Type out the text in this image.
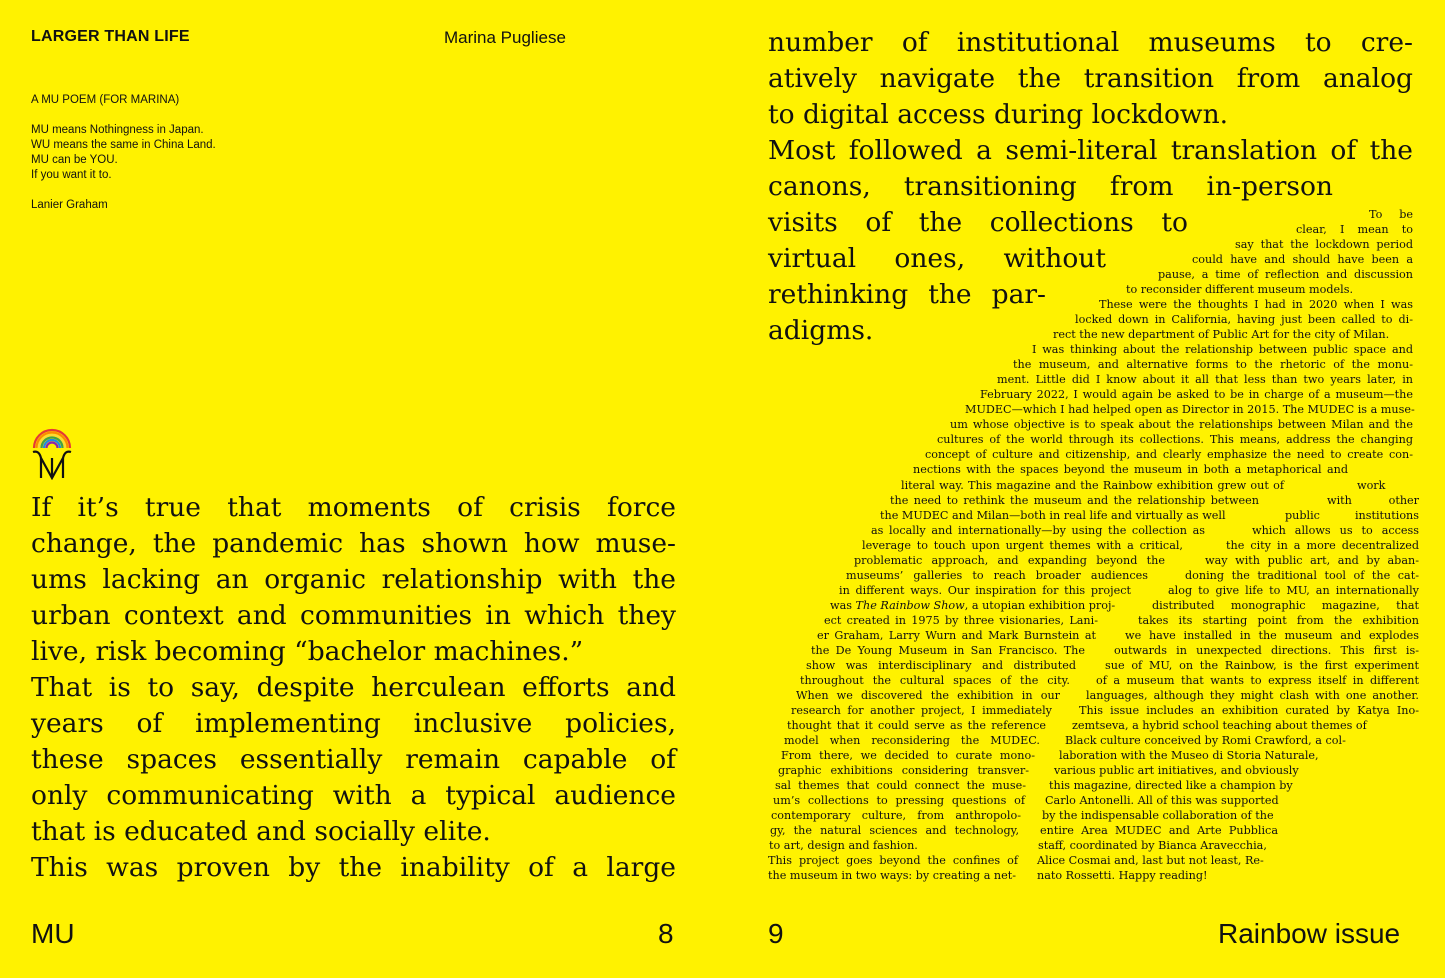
LARGER THAN LIFE	Marina Pugliese

A MU POEM (FOR MARINA)

MU means Nothingness in Japan.

WU means the same in China Land.

MU can be YOU.

If you want it to.

Lanier Graham

If it’s true that moments of crisis force
change, the pandemic has shown how muse-
ums lacking an organic relationship with the
urban context and communities in which they
live, risk becoming “bachelor machines.”
That is to say, despite herculean efforts and
years of implementing inclusive policies,
these spaces essentially remain capable of
only communicating with a typical audience
that is educated and socially elite.
This was proven by the inability of a large
MU	8
number of institutional museums to cre-
atively navigate the transition from analog
to digital access during lockdown.
Most followed a semi-literal translation of the
canons, transitioning from in-person
visits of the collections to
virtual ones, without
rethinking the par-
adigms.
To be
clear, I mean to
say that the lockdown period
could have and should have been a
pause, a time of reflection and discussion
to reconsider different museum models.
These were the thoughts I had in 2020 when I was
locked down in California, having just been called to di-
rect the new department of Public Art for the city of Milan.
I was thinking about the relationship between public space and
the museum, and alternative forms to the rhetoric of the monu-
ment. Little did I know about it all that less than two years later, in
February 2022, I would again be asked to be in charge of a museum—the
MUDEC—which I had helped open as Director in 2015. The MUDEC is a muse-
um whose objective is to speak about the relationships between Milan and the
cultures of the world through its collections. This means, address the changing
concept of culture and citizenship, and clearly emphasize the need to create con-
nections with the spaces beyond the museum in both a metaphorical and
literal way. This magazine and the Rainbow exhibition grew out of
the need to rethink the museum and the relationship between
the MUDEC and Milan—both in real life and virtually as well
as locally and internationally—by using the collection as
leverage to touch upon urgent themes with a critical,
problematic approach, and expanding beyond the
museums’ galleries to reach broader audiences
in different ways. Our inspiration for this project
was The Rainbow Show, a utopian exhibition proj-
ect created in 1975 by three visionaries, Lani-
er Graham, Larry Wurn and Mark Burnstein at
the De Young Museum in San Francisco. The
show was interdisciplinary and distributed
throughout the cultural spaces of the city.
When we discovered the exhibition in our
research for another project, I immediately
thought that it could serve as the reference
model when reconsidering the MUDEC.
From there, we decided to curate mono-
graphic exhibitions considering transver-
sal themes that could connect the muse-
um’s collections to pressing questions of
contemporary culture, from anthropolo-
gy, the natural sciences and technology,
to art, design and fashion.
This project goes beyond the confines of
the museum in two ways: by creating a net-
work
with other
public institutions
which allows us to access
the city in a more decentralized
way with public art, and by aban-
doning the traditional tool of the cat-
alog to give life to MU, an internationally
distributed monographic magazine, that
takes its starting point from the exhibition
we have installed in the museum and explodes
outwards in unexpected directions. This first is-
sue of MU, on the Rainbow, is the first experiment
of a museum that wants to express itself in different
languages, although they might clash with one another.
This issue includes an exhibition curated by Katya Ino-
zemtseva, a hybrid school teaching about themes of
Black culture conceived by Romi Crawford, a col-
laboration with the Museo di Storia Naturale,
various public art initiatives, and obviously
this magazine, directed like a champion by
Carlo Antonelli. All of this was supported
by the indispensable collaboration of the
entire Area MUDEC and Arte Pubblica
staff, coordinated by Bianca Aravecchia,
Alice Cosmai and, last but not least, Re-
nato Rossetti. Happy reading!
9	Rainbow issue
